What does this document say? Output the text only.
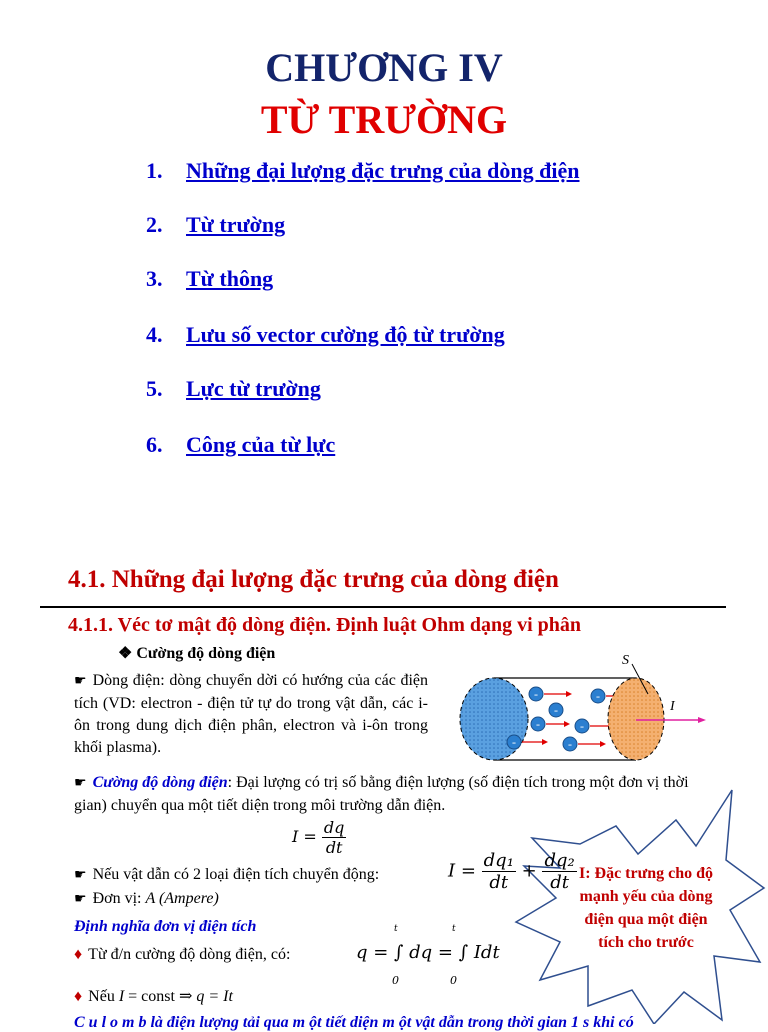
CHƯƠNG IV
TỪ TRƯỜNG
1. Những đại lượng đặc trưng của dòng điện
2. Từ trường
3. Từ thông
4. Lưu số vector cường độ từ trường
5. Lực từ trường
6. Công của từ lực
4.1. Những đại lượng đặc trưng của dòng điện
4.1.1. Véc tơ mật độ dòng điện. Định luật Ohm dạng vi phân
❖ Cường độ dòng điện
☛ Dòng điện: dòng chuyển dời có hướng của các điện tích (VD: electron - điện tử tự do trong vật dẫn, các i-ôn trong dung dịch điện phân, electron và i-ôn trong khối plasma).
-
-
-	-
-
-	-
S
I
☛ Cường độ dòng điện: Đại lượng có trị số bằng điện lượng (số điện tích trong một đơn vị thời gian) chuyển qua một tiết diện trong môi trường dẫn điện.
$I = \frac{dq}{dt}$
I: Đặc trưng cho độ mạnh yếu của dòng điện qua một điện tích cho trước
☛ Nếu vật dẫn có 2 loại điện tích chuyển động:	$I = \frac{\text{dq₁}}{dt} + \frac{\text{dq₂}}{dt}$
☛ Đơn vị: A (Ampere)
Định nghĩa đơn vị điện tích
♦ Từ đ/n cường độ dòng điện, có:
t	t
q = ∫ dq = ∫ Idt
0	0
♦ Nếu I = const ⇒ q = It
C u l o m b là điện lượng tải qua m ột tiết diện m ột vật dẫn trong thời gian 1 s khi có
